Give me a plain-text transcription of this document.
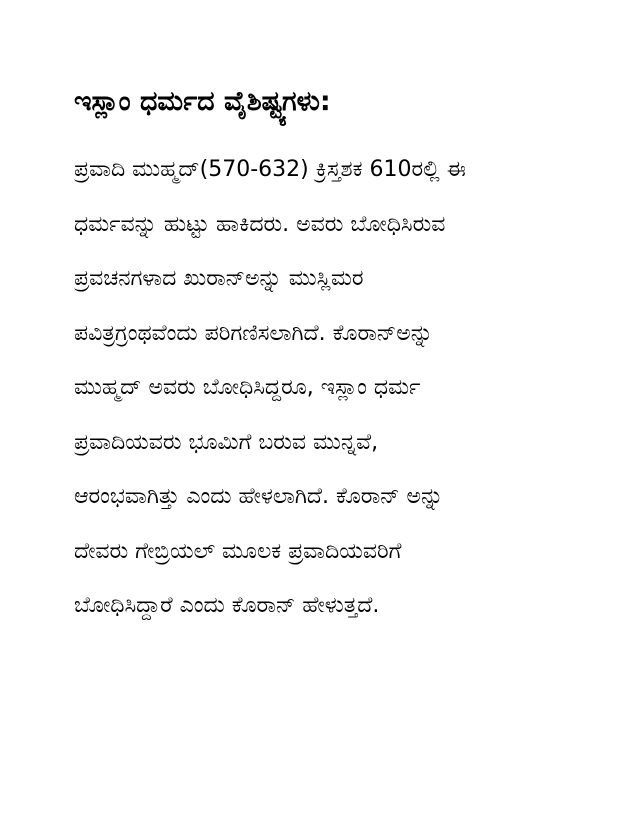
ಇಸ್ಲಾಂ ಧರ್ಮದ ವೈಶಿಷ್ಟ್ಯಗಳು:
ಪ್ರವಾದಿ ಮುಹ್ಮದ್(570-632) ಕ್ರಿಸ್ತಶಕ 610ರಲ್ಲಿ ಈ
ಧರ್ಮವನ್ನು ಹುಟ್ಟು ಹಾಕಿದರು. ಅವರು ಬೋಧಿಸಿರುವ
ಪ್ರವಚನಗಳಾದ ಖುರಾನ್‌ಅನ್ನು ಮುಸ್ಲಿಮರ
ಪವಿತ್ರಗ್ರಂಥವೆಂದು ಪರಿಗಣಿಸಲಾಗಿದೆ. ಕೊರಾನ್‌ಅನ್ನು
ಮುಹ್ಮದ್ ಅವರು ಬೋಧಿಸಿದ್ದರೂ, ಇಸ್ಲಾಂ ಧರ್ಮ
ಪ್ರವಾದಿಯವರು ಭೂಮಿಗೆ ಬರುವ ಮುನ್ನವೆ,
ಆರಂಭವಾಗಿತ್ತು ಎಂದು ಹೇಳಲಾಗಿದೆ. ಕೊರಾನ್ ಅನ್ನು
ದೇವರು ಗೇಬ್ರಿಯಲ್ ಮೂಲಕ ಪ್ರವಾದಿಯವರಿಗೆ
ಬೋಧಿಸಿದ್ದಾರೆ ಎಂದು ಕೊರಾನ್ ಹೇಳುತ್ತದೆ.
